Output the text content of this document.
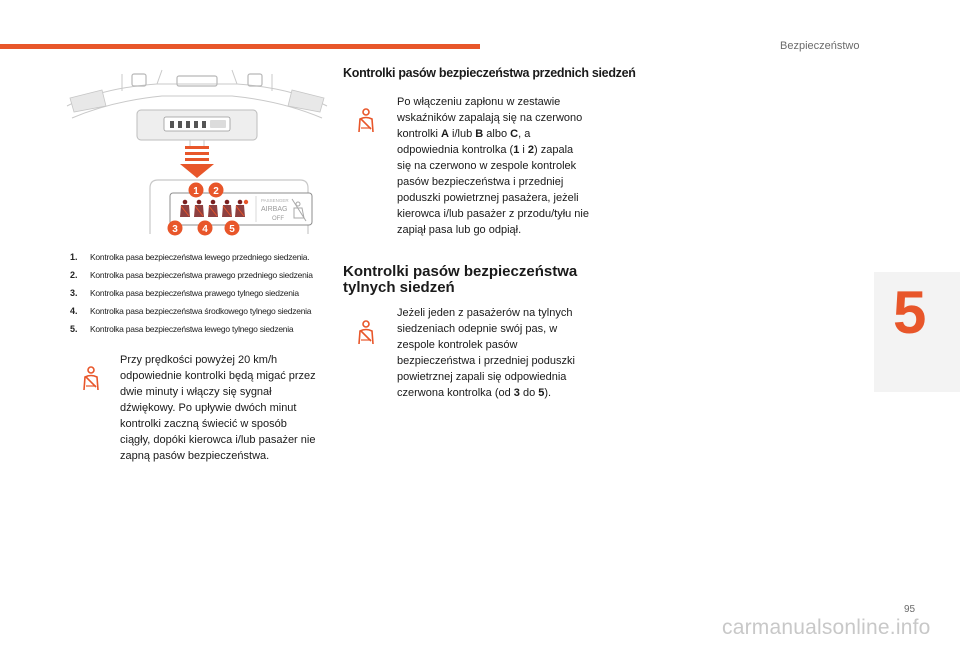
Bezpieczeństwo
5
PASSENGER
AIRBAG
OFF
1 2
3 4 5
1.	Kontrolka pasa bezpieczeństwa lewego przedniego siedzenia.
2.	Kontrolka pasa bezpieczeństwa prawego przedniego siedzenia
3.	Kontrolka pasa bezpieczeństwa prawego tylnego siedzenia
4.	Kontrolka pasa bezpieczeństwa środkowego tylnego siedzenia
5.	Kontrolka pasa bezpieczeństwa lewego tylnego siedzenia

Przy prędkości powyżej 20 km/h odpowiednie kontrolki będą migać przez dwie minuty i włączy się sygnał dźwiękowy. Po upływie dwóch minut kontrolki zaczną świecić w sposób ciągły, dopóki kierowca i/lub pasażer nie zapną pasów bezpieczeństwa.

Kontrolki pasów bezpieczeństwa przednich siedzeń

Po włączeniu zapłonu w zestawie wskaźników zapalają się na czerwono kontrolki A i/lub B albo C, a odpowiednia kontrolka (1 i 2) zapala się na czerwono w zespole kontrolek pasów bezpieczeństwa i przedniej poduszki powietrznej pasażera, jeżeli kierowca i/lub pasażer z przodu/tyłu nie zapiął pasa lub go odpiął.

Kontrolki pasów bezpieczeństwa tylnych siedzeń

Jeżeli jeden z pasażerów na tylnych siedzeniach odepnie swój pas, w zespole kontrolek pasów bezpieczeństwa i przedniej poduszki powietrznej zapali się odpowiednia czerwona kontrolka (od 3 do 5).

95
carmanualsonline.info
